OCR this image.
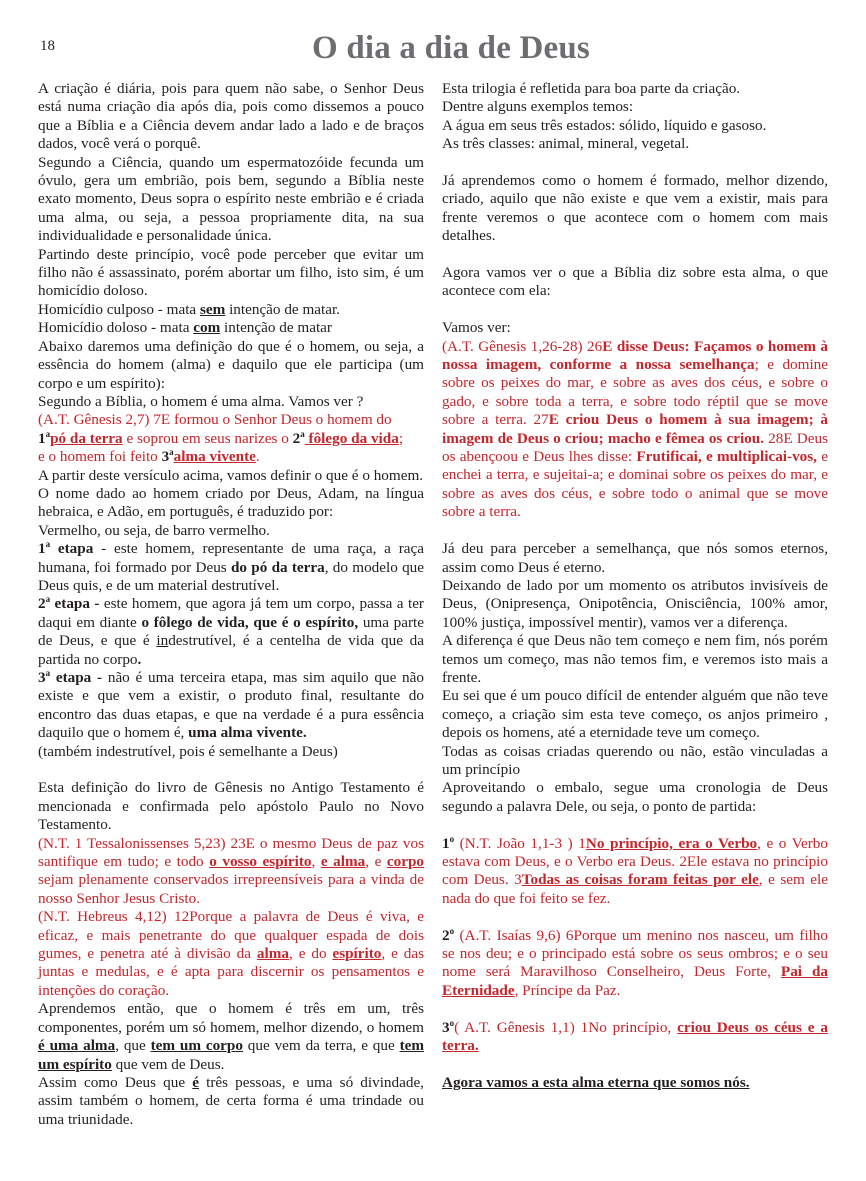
18	O dia a dia de Deus

A criação é diária, pois para quem não sabe, o Senhor Deus está numa criação dia após dia, pois como dissemos a pouco que a Bíblia e a Ciência devem andar lado a lado e de braços dados, você verá o porquê.

Segundo a Ciência, quando um espermatozóide fecunda um óvulo, gera um embrião, pois bem, segundo a Bíblia neste exato momento, Deus sopra o espírito neste embrião e é criada uma alma, ou seja, a pessoa propriamente dita, na sua individualidade e personalidade única.

Partindo deste princípio, você pode perceber que evitar um filho não é assassinato, porém abortar um filho, isto sim, é um homicídio doloso.

Homicídio culposo - mata sem intenção de matar.

Homicídio doloso - mata com intenção de matar

Abaixo daremos uma definição do que é o homem, ou seja, a essência do homem (alma) e daquilo que ele participa (um corpo e um espírito):

Segundo a Bíblia, o homem é uma alma. Vamos ver ?

(A.T. Gênesis 2,7) 7E formou o Senhor Deus o homem do
1$^a$pó da terra e soprou em seus narizes o 2$^a$ fôlego da vida;
e o homem foi feito 3$^a$alma vivente.

A partir deste versículo acima, vamos definir o que é o homem.

O nome dado ao homem criado por Deus, Adam, na língua hebraica, e Adão, em português, é traduzido por:

Vermelho, ou seja, de barro vermelho.

1$^a$ etapa - este homem, representante de uma raça, a raça humana, foi formado por Deus do pó da terra, do modelo que Deus quis, e de um material destrutível.

2$^a$ etapa - este homem, que agora já tem um corpo, passa a ter daqui em diante o fôlego de vida, que é o espírito, uma parte de Deus, e que é indestrutível, é a centelha de vida que da partida no corpo.

3$^a$ etapa - não é uma terceira etapa, mas sim aquilo que não existe e que vem a existir, o produto final, resultante do encontro das duas etapas, e que na verdade é a pura essência daquilo que o homem é, uma alma vivente.

(também indestrutível, pois é semelhante a Deus)

Esta definição do livro de Gênesis no Antigo Testamento é mencionada e confirmada pelo apóstolo Paulo no Novo Testamento.

(N.T. 1 Tessalonissenses 5,23) 23E o mesmo Deus de paz vos santifique em tudo; e todo o vosso espírito, e alma, e corpo sejam plenamente conservados irrepreensíveis para a vinda de nosso Senhor Jesus Cristo.

(N.T. Hebreus 4,12) 12Porque a palavra de Deus é viva, e eficaz, e mais penetrante do que qualquer espada de dois gumes, e penetra até à divisão da alma, e do espírito, e das juntas e medulas, e é apta para discernir os pensamentos e intenções do coração.

Aprendemos então, que o homem é três em um, três componentes, porém um só homem, melhor dizendo, o homem é uma alma, que tem um corpo que vem da terra, e que tem um espírito que vem de Deus.

Assim como Deus que é três pessoas, e uma só divindade, assim também o homem, de certa forma é uma trindade ou uma triunidade.

Esta trilogia é refletida para boa parte da criação.

Dentre alguns exemplos temos:

A água em seus três estados: sólido, líquido e gasoso.

As três classes: animal, mineral, vegetal.

Já aprendemos como o homem é formado, melhor dizendo, criado, aquilo que não existe e que vem a existir, mais para frente veremos o que acontece com o homem com mais detalhes.

Agora vamos ver o que a Bíblia diz sobre esta alma, o que acontece com ela:

Vamos ver:

(A.T. Gênesis 1,26-28) 26E disse Deus: Façamos o homem à nossa imagem, conforme a nossa semelhança; e domine sobre os peixes do mar, e sobre as aves dos céus, e sobre o gado, e sobre toda a terra, e sobre todo réptil que se move sobre a terra. 27E criou Deus o homem à sua imagem; à imagem de Deus o criou; macho e fêmea os criou. 28E Deus os abençoou e Deus lhes disse: Frutificai, e multiplicai-vos, e enchei a terra, e sujeitai-a; e dominai sobre os peixes do mar, e sobre as aves dos céus, e sobre todo o animal que se move sobre a terra.

Já deu para perceber a semelhança, que nós somos eternos, assim como Deus é eterno.

Deixando de lado por um momento os atributos invisíveis de Deus, (Onipresença, Onipotência, Onisciência, 100% amor, 100% justiça, impossível mentir), vamos ver a diferença.

A diferença é que Deus não tem começo e nem fim, nós porém temos um começo, mas não temos fim, e veremos isto mais a frente.

Eu sei que é um pouco difícil de entender alguém que não teve começo, a criação sim esta teve começo, os anjos primeiro , depois os homens, até a eternidade teve um começo.

Todas as coisas criadas querendo ou não, estão vinculadas a um princípio

Aproveitando o embalo, segue uma cronologia de Deus segundo a palavra Dele, ou seja, o ponto de partida:

1$^o$ (N.T. João 1,1-3 ) 1No princípio, era o Verbo, e o Verbo estava com Deus, e o Verbo era Deus. 2Ele estava no princípio com Deus. 3Todas as coisas foram feitas por ele, e sem ele nada do que foi feito se fez.

2$^o$ (A.T. Isaías 9,6) 6Porque um menino nos nasceu, um filho se nos deu; e o principado está sobre os seus ombros; e o seu nome será Maravilhoso Conselheiro, Deus Forte, Pai da Eternidade, Príncipe da Paz.

3$^o$( A.T. Gênesis 1,1) 1No princípio, criou Deus os céus e a terra.

Agora vamos a esta alma eterna que somos nós.
